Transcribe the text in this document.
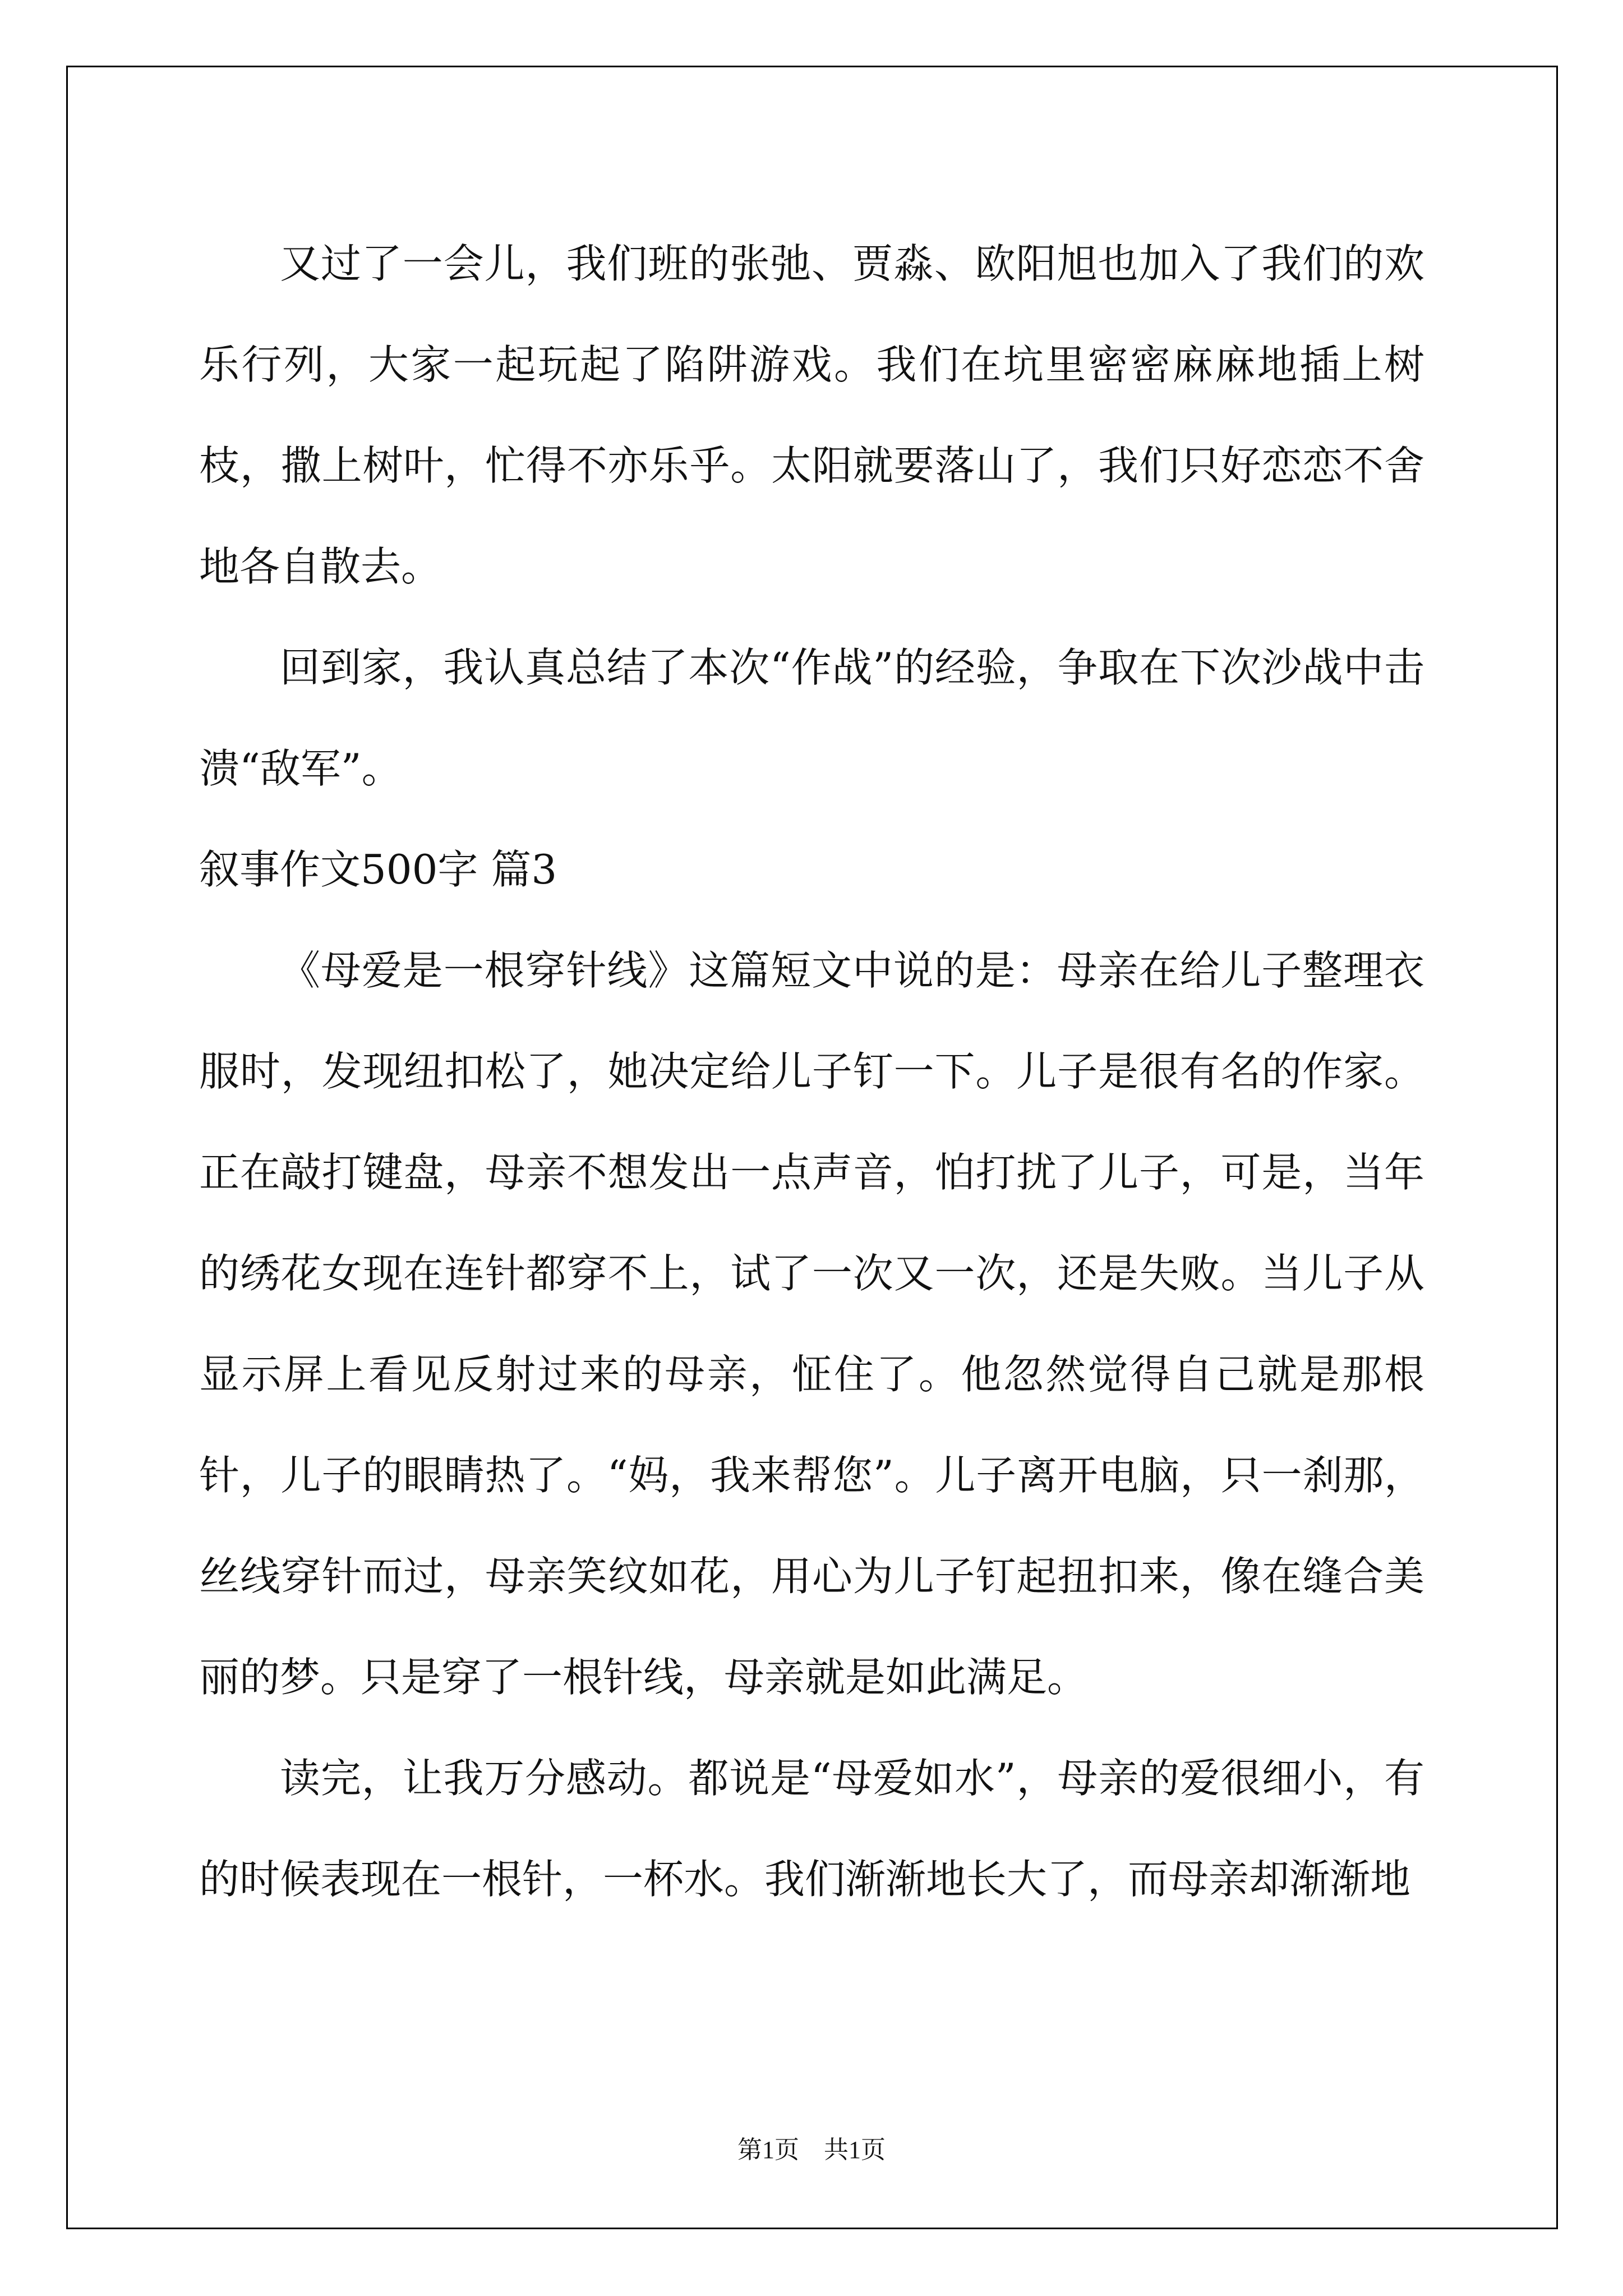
又过了一会儿，我们班的张弛、贾淼、欧阳旭也加入了我们的欢乐行列，大家一起玩起了陷阱游戏。我们在坑里密密麻麻地插上树枝，撒上树叶，忙得不亦乐乎。太阳就要落山了，我们只好恋恋不舍地各自散去。

回到家，我认真总结了本次“作战”的经验，争取在下次沙战中击溃“敌军”。

叙事作文500字 篇3

《母爱是一根穿针线》这篇短文中说的是：母亲在给儿子整理衣服时，发现纽扣松了，她决定给儿子钉一下。儿子是很有名的作家。正在敲打键盘，母亲不想发出一点声音，怕打扰了儿子，可是，当年的绣花女现在连针都穿不上，试了一次又一次，还是失败。当儿子从显示屏上看见反射过来的母亲，怔住了。他忽然觉得自己就是那根针，儿子的眼睛热了。“妈，我来帮您”。儿子离开电脑，只一刹那，丝线穿针而过，母亲笑纹如花，用心为儿子钉起扭扣来，像在缝合美丽的梦。只是穿了一根针线，母亲就是如此满足。

读完，让我万分感动。都说是“母爱如水”，母亲的爱很细小，有的时候表现在一根针，一杯水。我们渐渐地长大了，而母亲却渐渐地

第1页　共1页
